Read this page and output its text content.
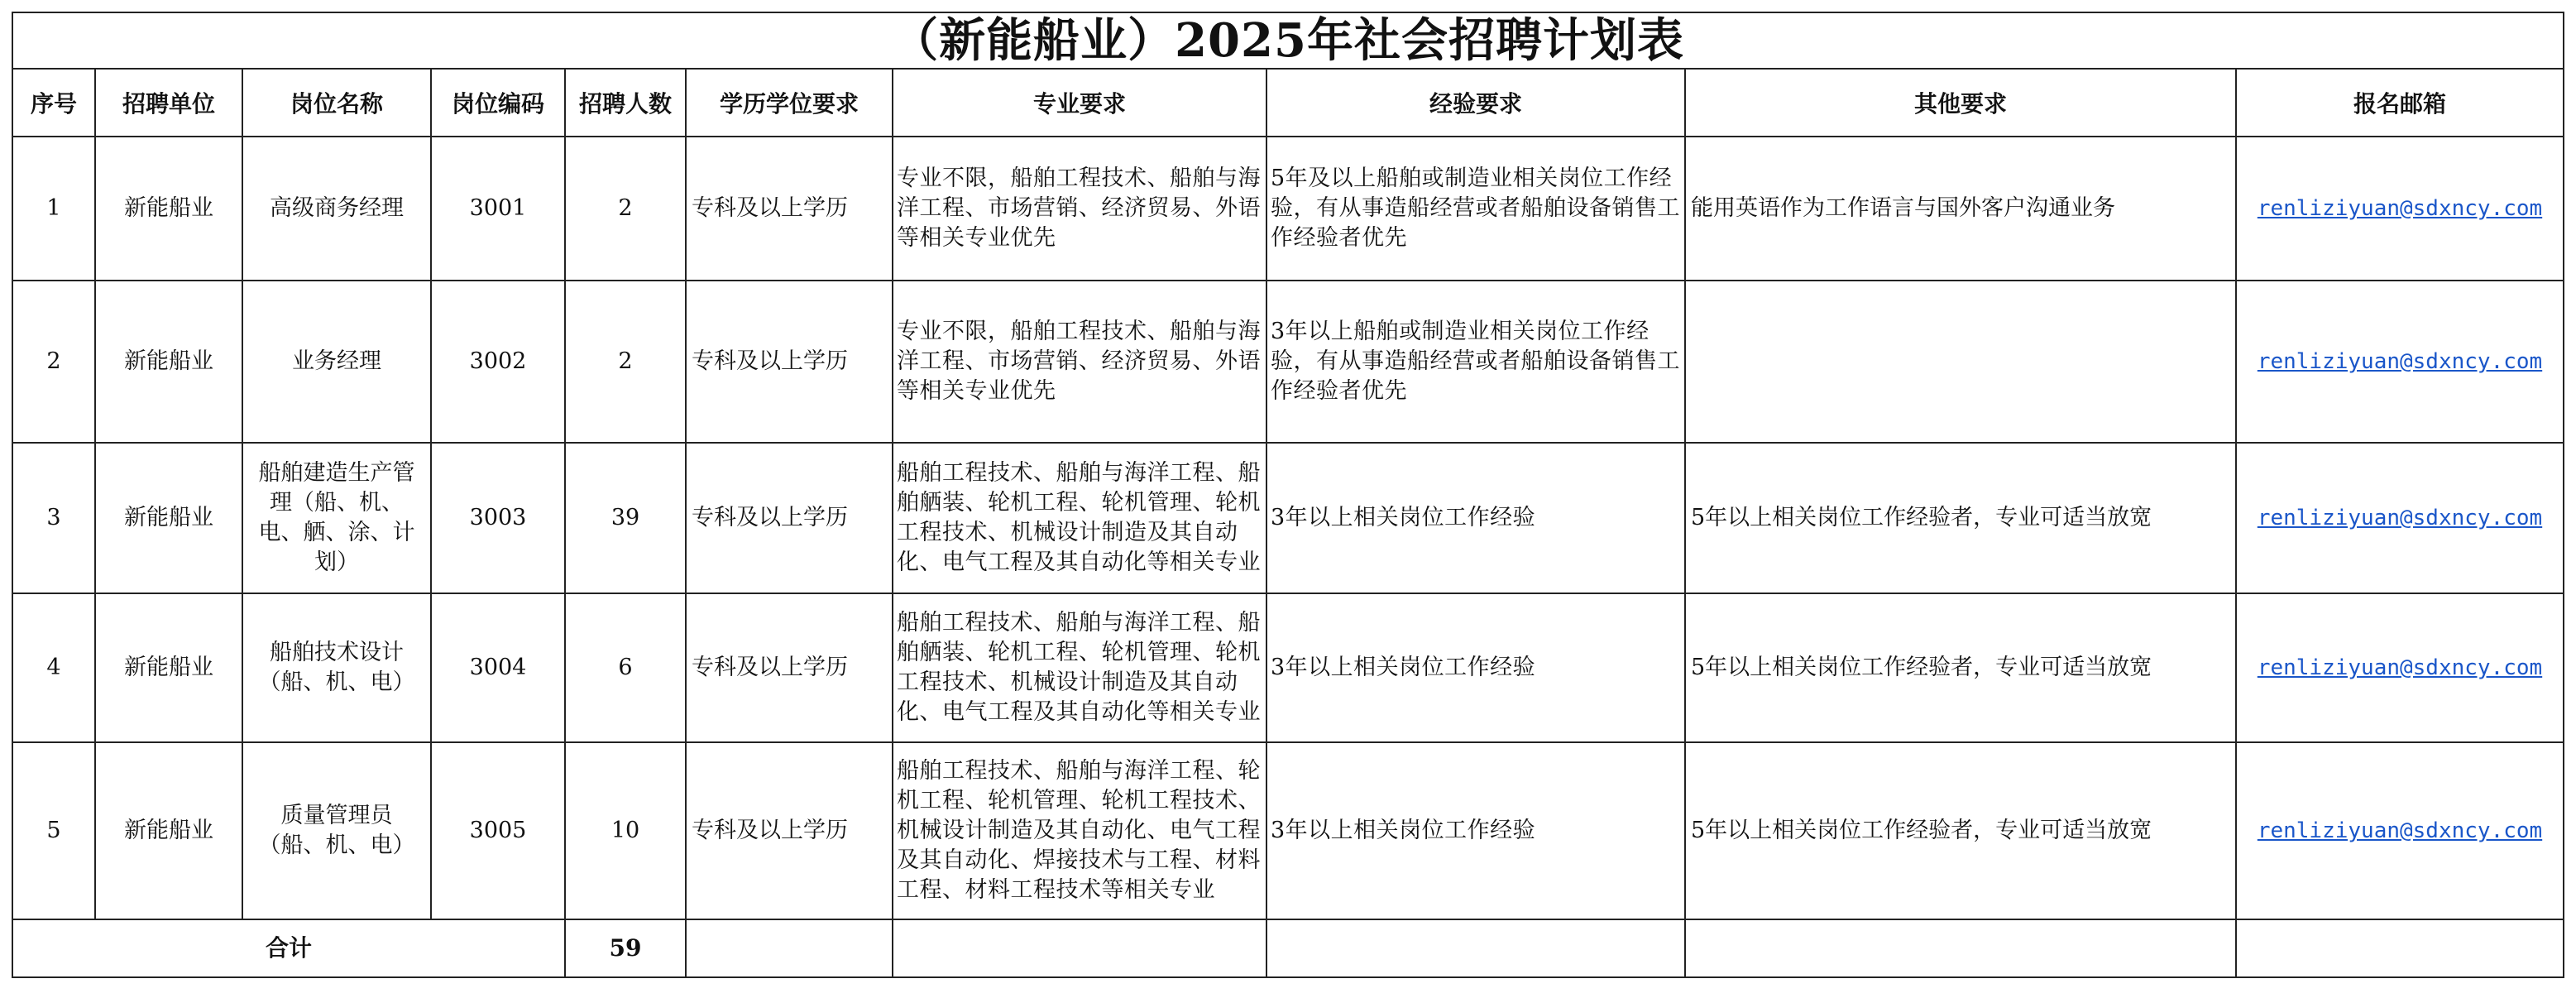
（新能船业）2025年社会招聘计划表									
序号	招聘单位	岗位名称	岗位编码	招聘人数	学历学位要求	专业要求	经验要求	其他要求	报名邮箱
1	新能船业	高级商务经理	3001	2	专科及以上学历	专业不限，船舶工程技术、船舶与海洋工程、市场营销、经济贸易、外语等相关专业优先	5年及以上船舶或制造业相关岗位工作经验，有从事造船经营或者船舶设备销售工作经验者优先	能用英语作为工作语言与国外客户沟通业务	renliziyuan@sdxncy.com
2	新能船业	业务经理	3002	2	专科及以上学历	专业不限，船舶工程技术、船舶与海洋工程、市场营销、经济贸易、外语等相关专业优先	3年以上船舶或制造业相关岗位工作经验，有从事造船经营或者船舶设备销售工作经验者优先		renliziyuan@sdxncy.com
3	新能船业	船舶建造生产管理（船、机、电、舾、涂、计划）	3003	39	专科及以上学历	船舶工程技术、船舶与海洋工程、船舶舾装、轮机工程、轮机管理、轮机工程技术、机械设计制造及其自动化、电气工程及其自动化等相关专业	3年以上相关岗位工作经验	5年以上相关岗位工作经验者，专业可适当放宽	renliziyuan@sdxncy.com
4	新能船业	船舶技术设计（船、机、电）	3004	6	专科及以上学历	船舶工程技术、船舶与海洋工程、船舶舾装、轮机工程、轮机管理、轮机工程技术、机械设计制造及其自动化、电气工程及其自动化等相关专业	3年以上相关岗位工作经验	5年以上相关岗位工作经验者，专业可适当放宽	renliziyuan@sdxncy.com
5	新能船业	质量管理员（船、机、电）	3005	10	专科及以上学历	船舶工程技术、船舶与海洋工程、轮机工程、轮机管理、轮机工程技术、机械设计制造及其自动化、电气工程及其自动化、焊接技术与工程、材料工程、材料工程技术等相关专业	3年以上相关岗位工作经验	5年以上相关岗位工作经验者，专业可适当放宽	renliziyuan@sdxncy.com
合计				59					
